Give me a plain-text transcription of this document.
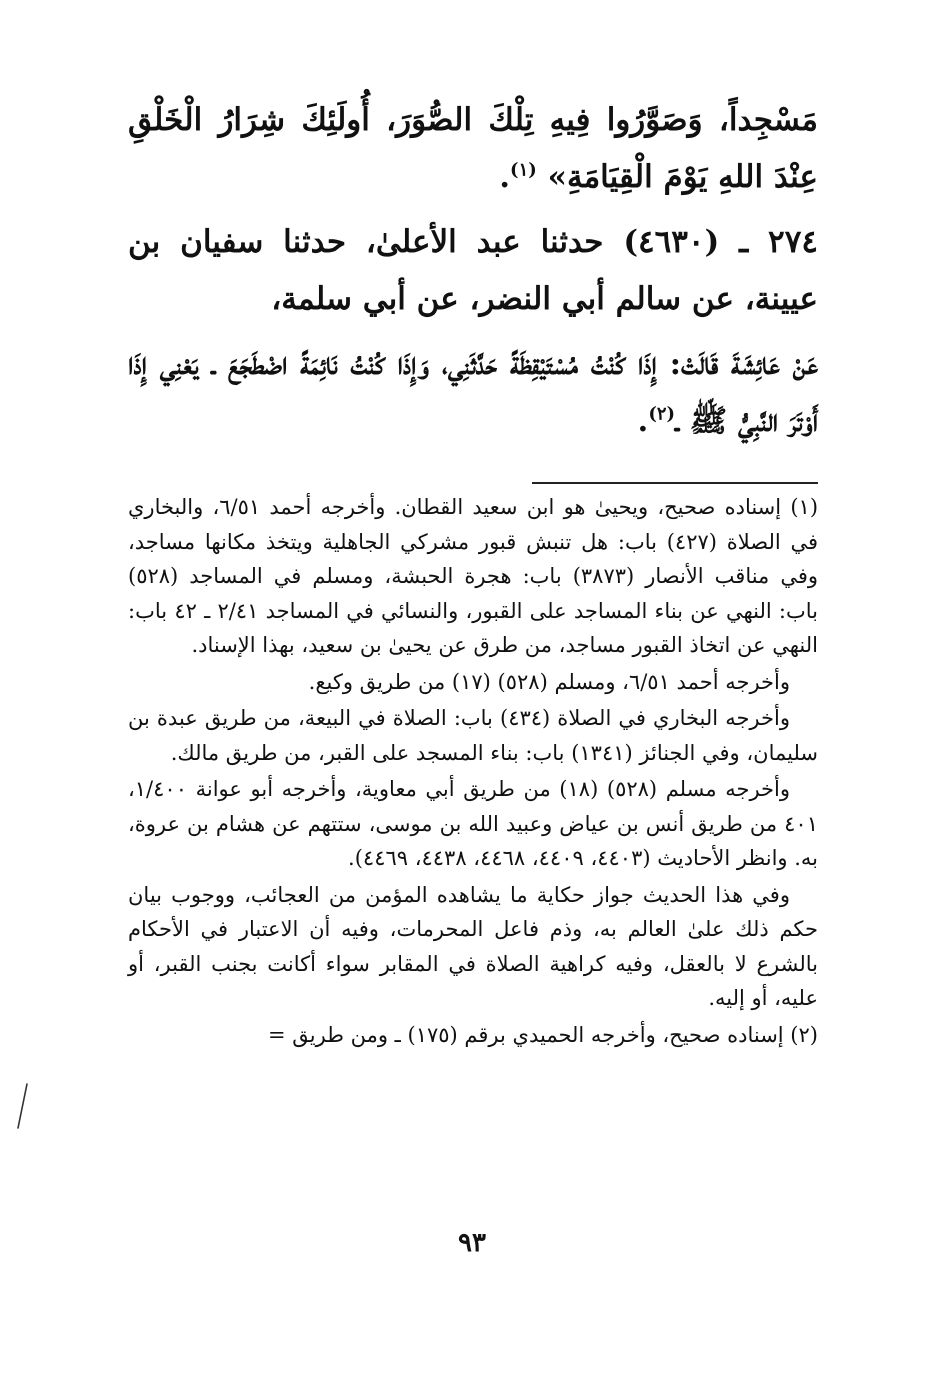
مَسْجِداً، وَصَوَّرُوا فِيهِ تِلْكَ الصُّوَرَ، أُولَئِكَ شِرَارُ الْخَلْقِ عِنْدَ اللهِ يَوْمَ الْقِيَامَةِ» $^{(١)}$.

٢٧٤ ـ (٤٦٣٠) حدثنا عبد الأعلىٰ، حدثنا سفيان بن عيينة، عن سالم أبي النضر، عن أبي سلمة،

عَنْ عَائِشَةَ قَالَتْ: إِذَا كُنْتُ مُسْتَيْقِظَةً حَدَّثَنِي، وَإِذَا كُنْتُ نَائِمَةً اضْطَجَعَ ـ يَعْنِي إِذَا أَوْتَرَ النَّبِيُّ ﷺ ـ$^{(٢)}$.

(١) إسناده صحيح، ويحيىٰ هو ابن سعيد القطان. وأخرجه أحمد ٦/٥١، والبخاري في الصلاة (٤٢٧) باب: هل تنبش قبور مشركي الجاهلية ويتخذ مكانها مساجد، وفي مناقب الأنصار (٣٨٧٣) باب: هجرة الحبشة، ومسلم في المساجد (٥٢٨) باب: النهي عن بناء المساجد على القبور، والنسائي في المساجد ٢/٤١ ـ ٤٢ باب: النهي عن اتخاذ القبور مساجد، من طرق عن يحيىٰ بن سعيد، بهذا الإسناد.

وأخرجه أحمد ٦/٥١، ومسلم (٥٢٨) (١٧) من طريق وكيع.

وأخرجه البخاري في الصلاة (٤٣٤) باب: الصلاة في البيعة، من طريق عبدة بن سليمان، وفي الجنائز (١٣٤١) باب: بناء المسجد على القبر، من طريق مالك.

وأخرجه مسلم (٥٢٨) (١٨) من طريق أبي معاوية، وأخرجه أبو عوانة ١/٤٠٠، ٤٠١ من طريق أنس بن عياض وعبيد الله بن موسى، ستتهم عن هشام بن عروة، به. وانظر الأحاديث (٤٤٠٣، ٤٤٠٩، ٤٤٦٨، ٤٤٣٨، ٤٤٦٩).

وفي هذا الحديث جواز حكاية ما يشاهده المؤمن من العجائب، ووجوب بيان حكم ذلك علىٰ العالم به، وذم فاعل المحرمات، وفيه أن الاعتبار في الأحكام بالشرع لا بالعقل، وفيه كراهية الصلاة في المقابر سواء أكانت بجنب القبر، أو عليه، أو إليه.

(٢) إسناده صحيح، وأخرجه الحميدي برقم (١٧٥) ـ ومن طريق =

٩٣
